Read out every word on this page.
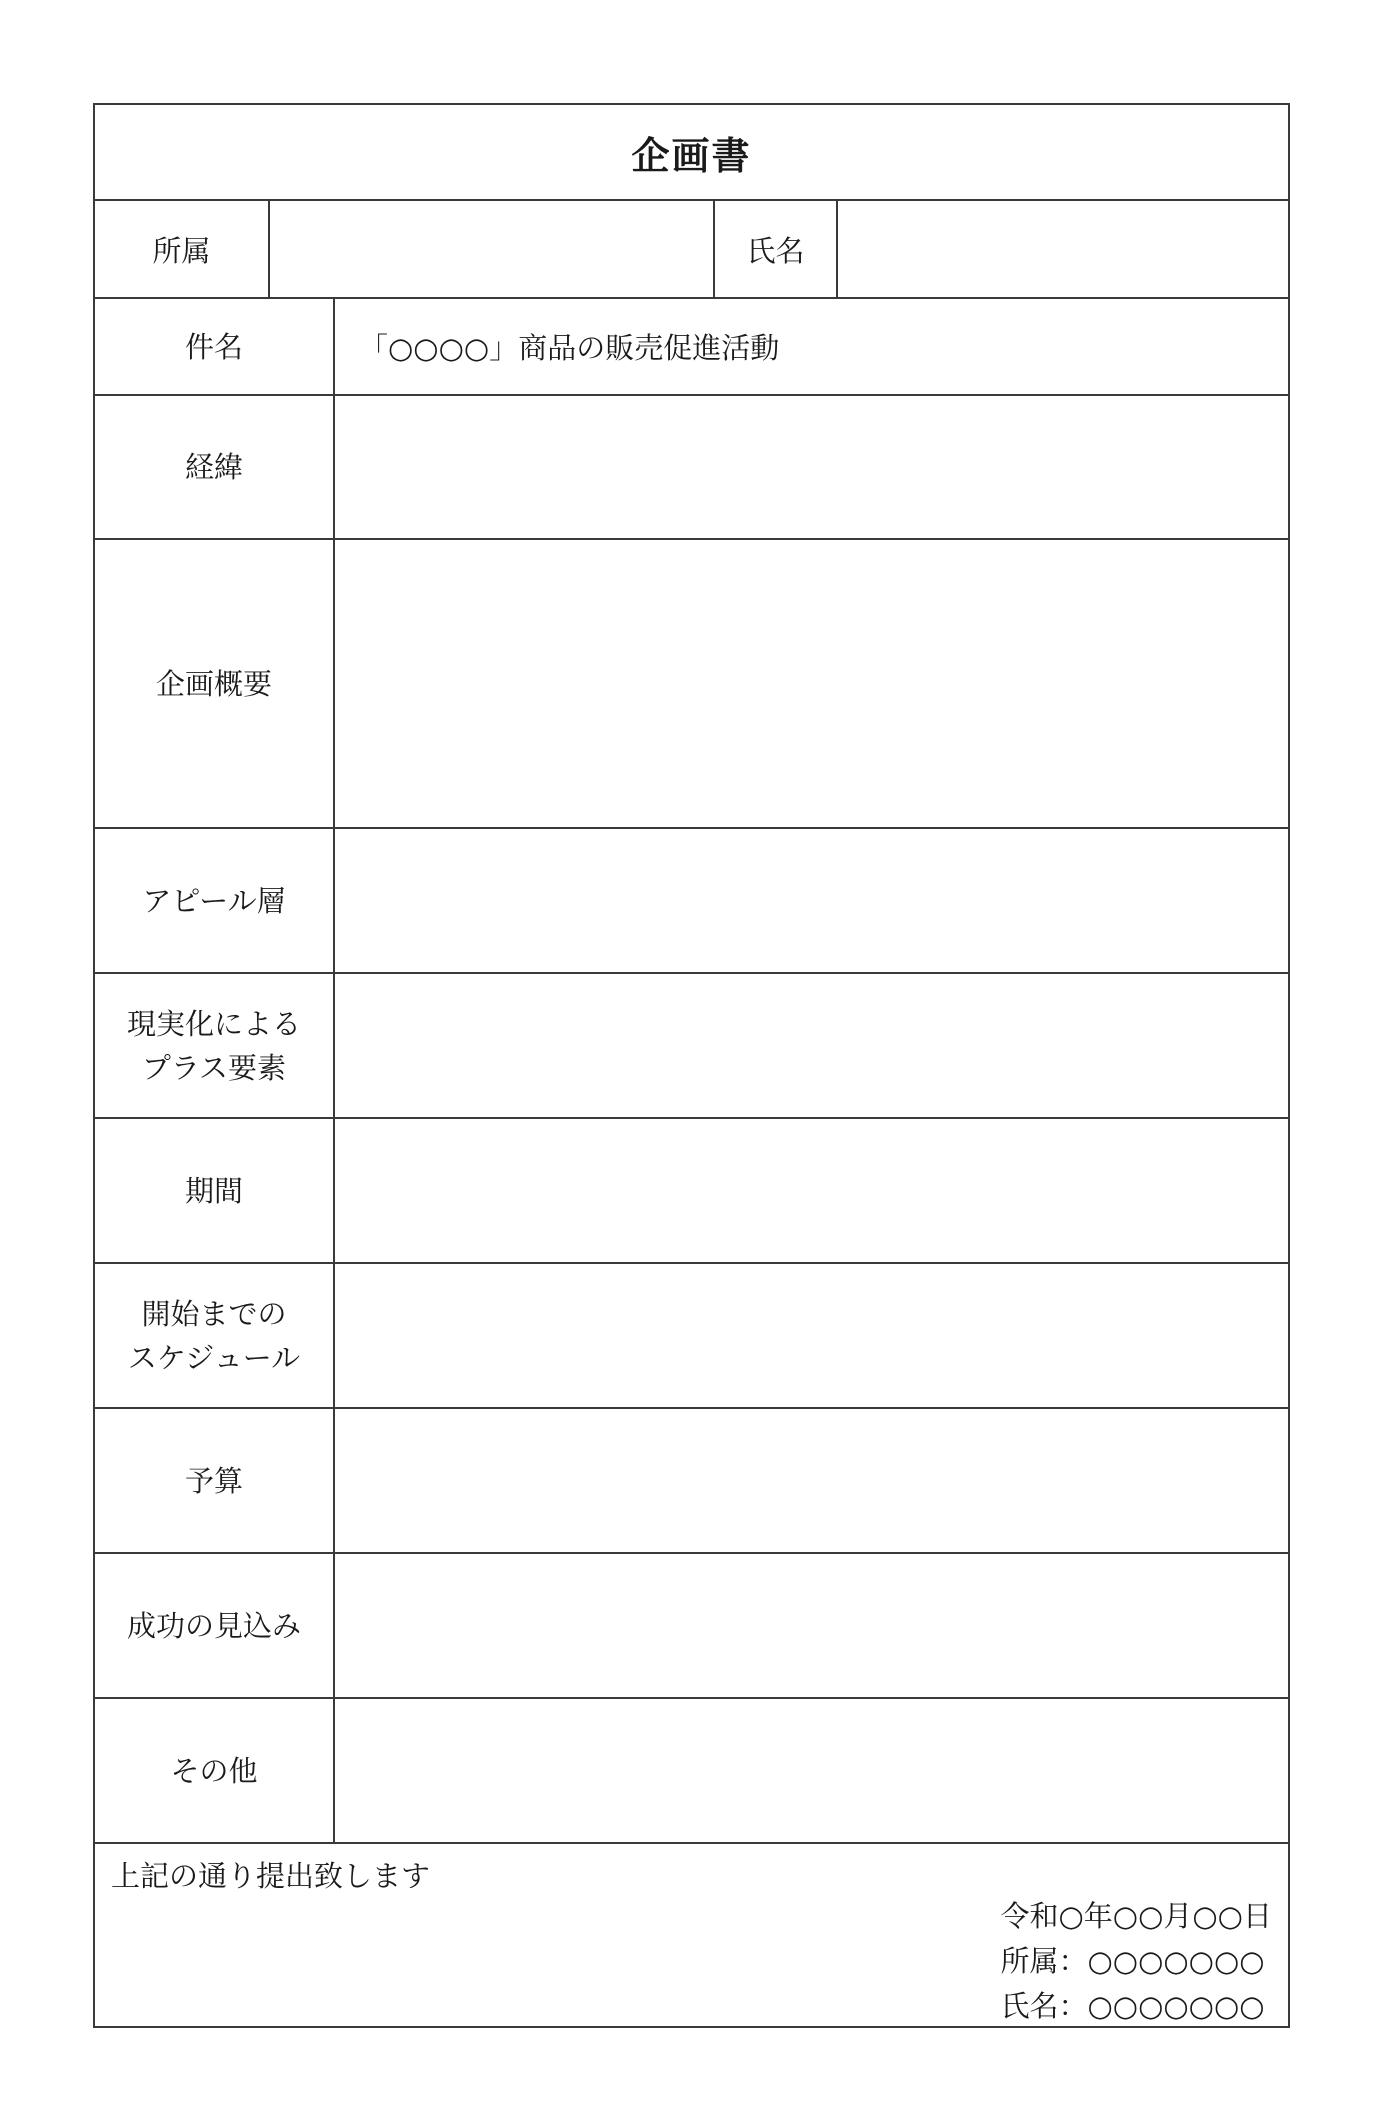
企画書
所属	氏名
件名	「○○○○」商品の販売促進活動
経緯
企画概要
アピール層
現実化による
プラス要素
期間
開始までの
スケジュール
予算
成功の見込み
その他
上記の通り提出致します
令和○年○○月○○日
所属：○○○○○○○
氏名：○○○○○○○
